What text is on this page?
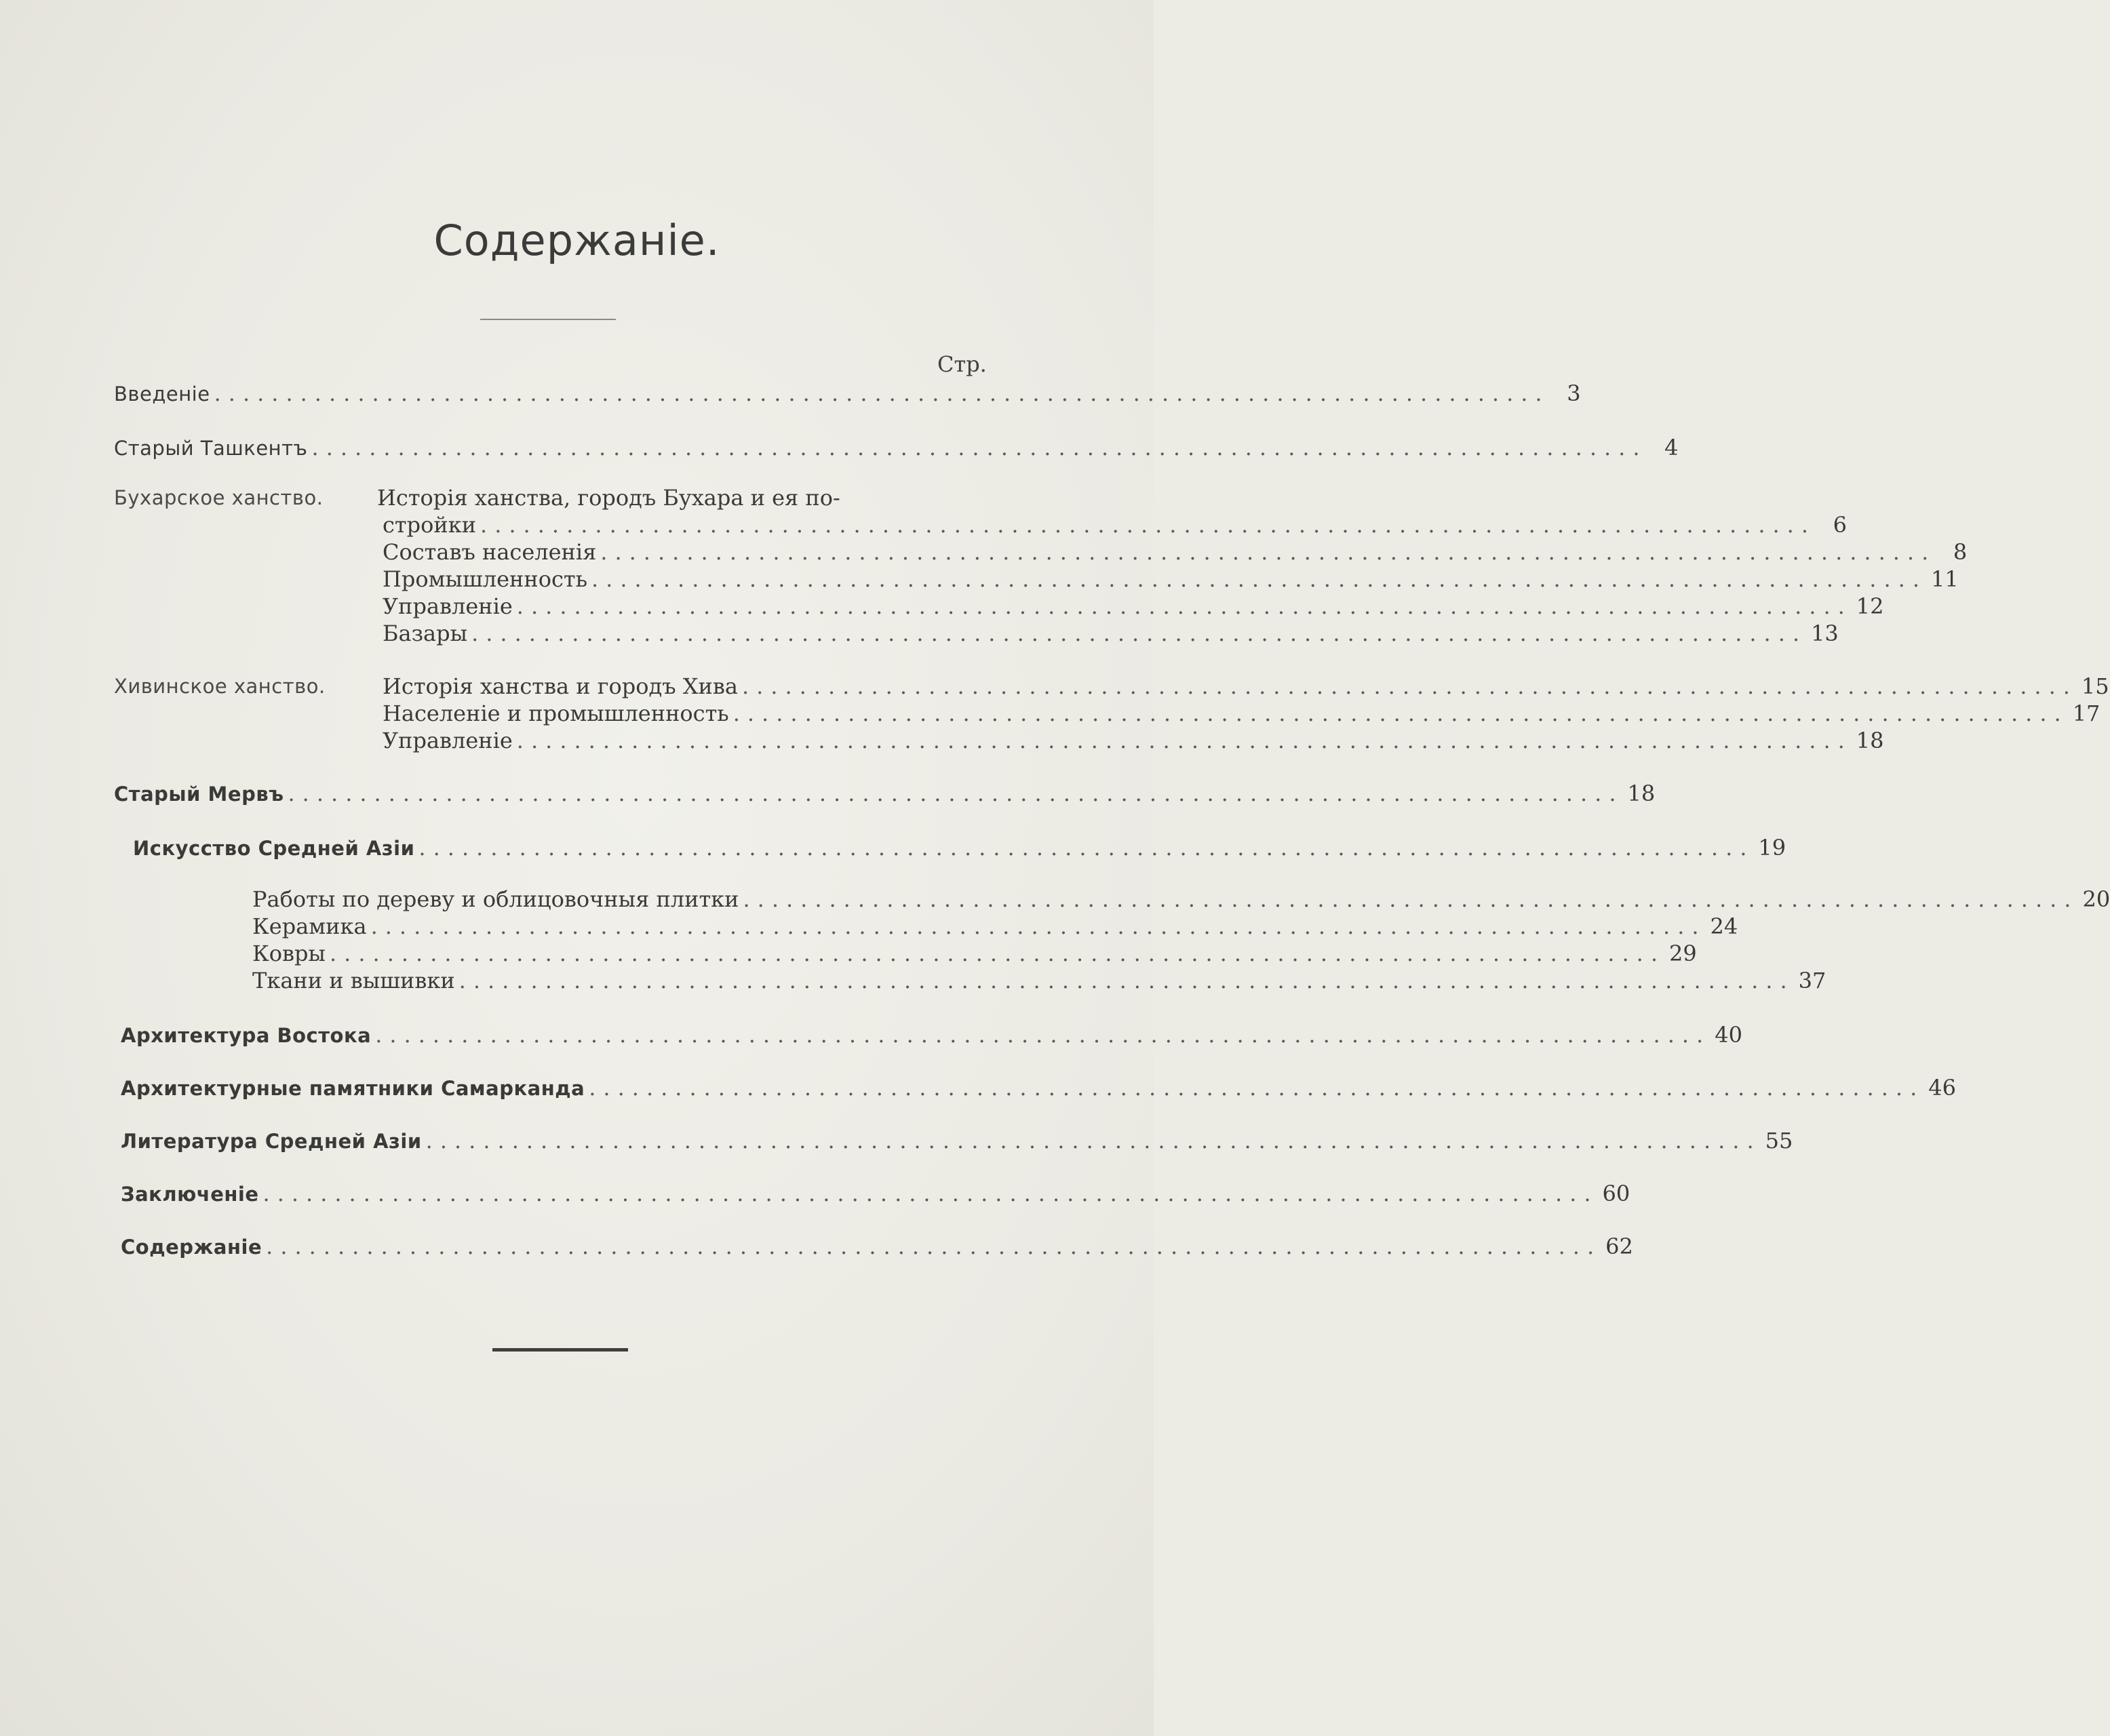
Содержаніе.
Стр.
Введеніе ............................................................................................. 3
Старый Ташкентъ ............................................................................................. 4
Бухарское ханство. Исторія ханства, городъ Бухара и ея по-
стройки ............................................................................................. 6
Составъ населенія ............................................................................................. 8
Промышленность ............................................................................................. 11
Управленіе ............................................................................................. 12
Базары ............................................................................................. 13
Хивинское ханство.	Исторія ханства и городъ Хива ............................................................................................. 15
Населеніе и промышленность ............................................................................................. 17
Управленіе ............................................................................................. 18
Старый Мервъ ............................................................................................. 18
Искусство Средней Азіи ............................................................................................. 19
Работы по дереву и облицовочныя плитки ............................................................................................. 20
Керамика ............................................................................................. 24
Ковры ............................................................................................. 29
Ткани и вышивки ............................................................................................. 37
Архитектура Востока ............................................................................................. 40
Архитектурные памятники Самарканда ............................................................................................. 46
Литература Средней Азіи ............................................................................................. 55
Заключеніе ............................................................................................. 60
Содержаніе ............................................................................................. 62
